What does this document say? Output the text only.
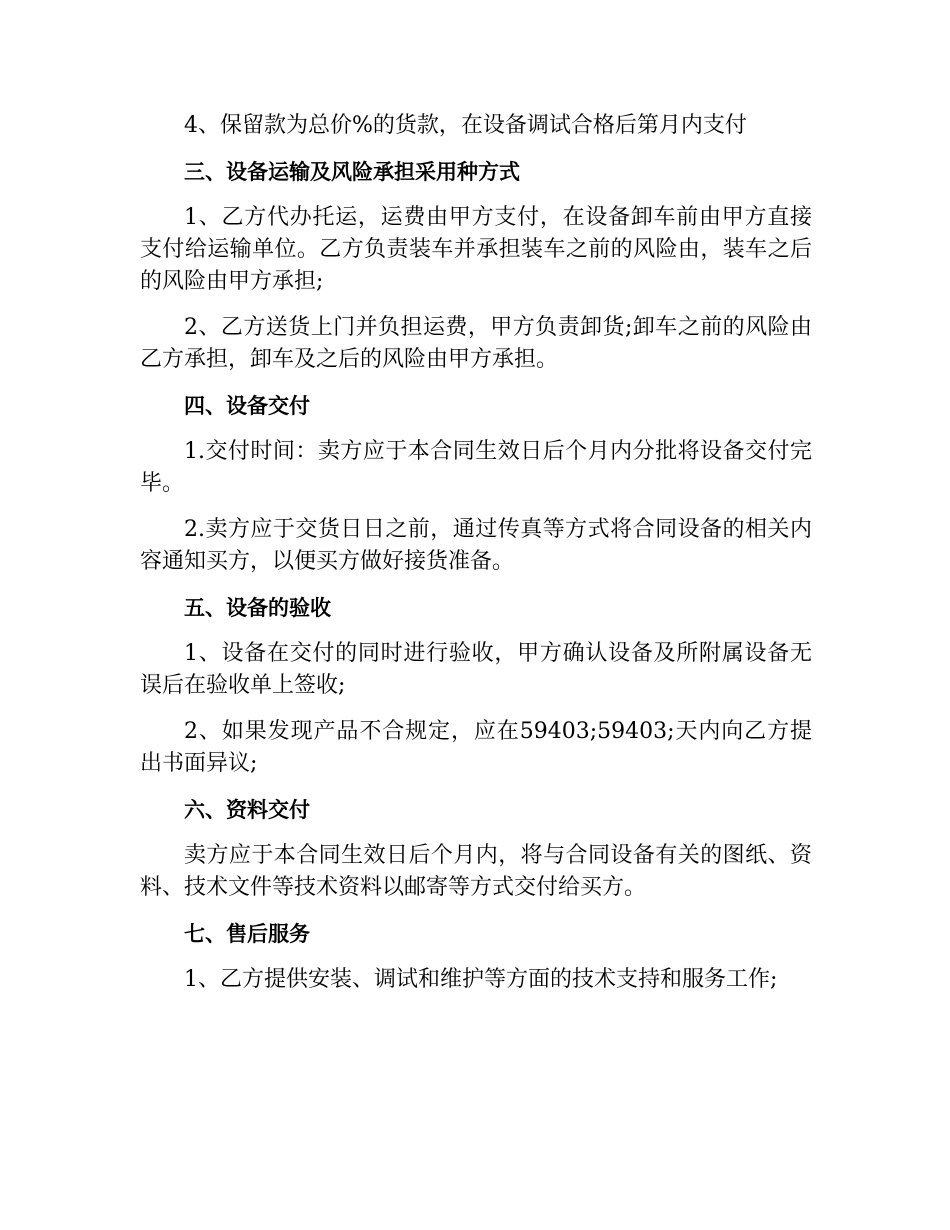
4、保留款为总价%的货款，在设备调试合格后第月内支付

三、设备运输及风险承担采用种方式

1、乙方代办托运，运费由甲方支付，在设备卸车前由甲方直接支付给运输单位。乙方负责装车并承担装车之前的风险由，装车之后的风险由甲方承担;

2、乙方送货上门并负担运费，甲方负责卸货;卸车之前的风险由乙方承担，卸车及之后的风险由甲方承担。

四、设备交付

1.交付时间：卖方应于本合同生效日后个月内分批将设备交付完毕。

2.卖方应于交货日日之前，通过传真等方式将合同设备的相关内容通知买方，以便买方做好接货准备。

五、设备的验收

1、设备在交付的同时进行验收，甲方确认设备及所附属设备无误后在验收单上签收;

2、如果发现产品不合规定，应在59403;59403;天内向乙方提出书面异议;

六、资料交付

卖方应于本合同生效日后个月内，将与合同设备有关的图纸、资料、技术文件等技术资料以邮寄等方式交付给买方。

七、售后服务

1、乙方提供安装、调试和维护等方面的技术支持和服务工作;
